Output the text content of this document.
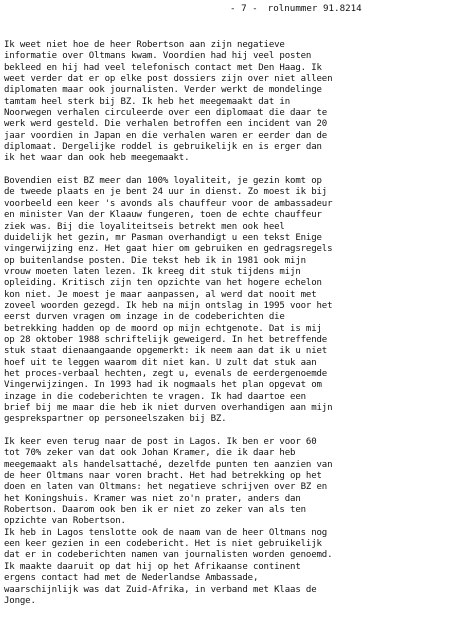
- 7 - rolnummer 91.8214
Ik weet niet hoe de heer Robertson aan zijn negatieve
informatie over Oltmans kwam. Voordien had hij veel posten
bekleed en hij had veel telefonisch contact met Den Haag. Ik
weet verder dat er op elke post dossiers zijn over niet alleen
diplomaten maar ook journalisten. Verder werkt de mondelinge
tamtam heel sterk bij BZ. Ik heb het meegemaakt dat in
Noorwegen verhalen circuleerde over een diplomaat die daar te
werk werd gesteld. Die verhalen betroffen een incident van 20
jaar voordien in Japan en die verhalen waren er eerder dan de
diplomaat. Dergelijke roddel is gebruikelijk en is erger dan
ik het waar dan ook heb meegemaakt.
Bovendien eist BZ meer dan 100% loyaliteit, je gezin komt op
de tweede plaats en je bent 24 uur in dienst. Zo moest ik bij
voorbeeld een keer 's avonds als chauffeur voor de ambassadeur
en minister Van der Klaauw fungeren, toen de echte chauffeur
ziek was. Bij die loyaliteitseis betrekt men ook heel
duidelijk het gezin, mr Pasman overhandigt u een tekst Enige
vingerwijzing enz. Het gaat hier om gebruiken en gedragsregels
op buitenlandse posten. Die tekst heb ik in 1981 ook mijn
vrouw moeten laten lezen. Ik kreeg dit stuk tijdens mijn
opleiding. Kritisch zijn ten opzichte van het hogere echelon
kon niet. Je moest je maar aanpassen, al werd dat nooit met
zoveel woorden gezegd. Ik heb na mijn ontslag in 1995 voor het
eerst durven vragen om inzage in de codeberichten die
betrekking hadden op de moord op mijn echtgenote. Dat is mij
op 28 oktober 1988 schriftelijk geweigerd. In het betreffende
stuk staat dienaangaande opgemerkt: ik neem aan dat ik u niet
hoef uit te leggen waarom dit niet kan. U zult dat stuk aan
het proces-verbaal hechten, zegt u, evenals de eerdergenoemde
Vingerwijzingen. In 1993 had ik nogmaals het plan opgevat om
inzage in die codeberichten te vragen. Ik had daartoe een
brief bij me maar die heb ik niet durven overhandigen aan mijn
gesprekspartner op personeelszaken bij BZ.
Ik keer even terug naar de post in Lagos. Ik ben er voor 60
tot 70% zeker van dat ook Johan Kramer, die ik daar heb
meegemaakt als handelsattaché, dezelfde punten ten aanzien van
de heer Oltmans naar voren bracht. Het had betrekking op het
doen en laten van Oltmans: het negatieve schrijven over BZ en
het Koningshuis. Kramer was niet zo'n prater, anders dan
Robertson. Daarom ook ben ik er niet zo zeker van als ten
opzichte van Robertson.
Ik heb in Lagos tenslotte ook de naam van de heer Oltmans nog
een keer gezien in een codebericht. Het is niet gebruikelijk
dat er in codeberichten namen van journalisten worden genoemd.
Ik maakte daaruit op dat hij op het Afrikaanse continent
ergens contact had met de Nederlandse Ambassade,
waarschijnlijk was dat Zuid-Afrika, in verband met Klaas de
Jonge.
